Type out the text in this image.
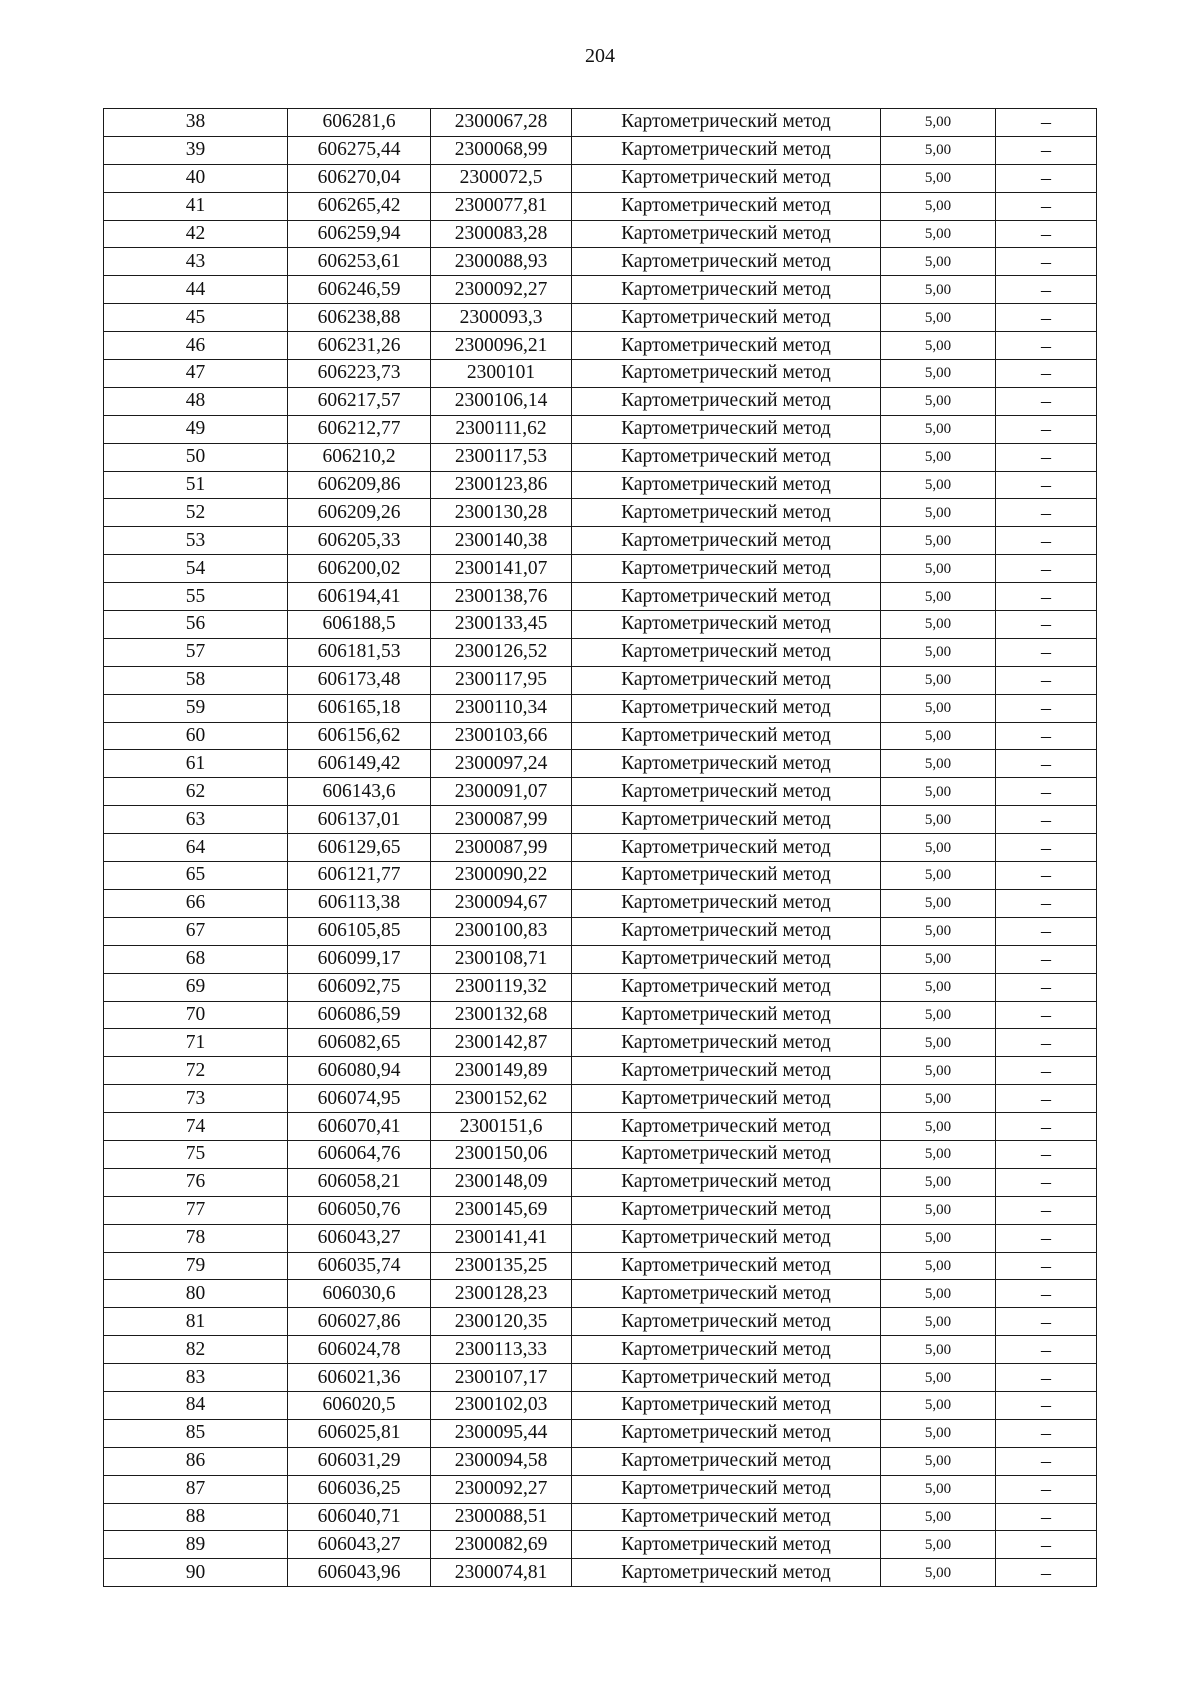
204
38	606281,6	2300067,28	Картометрический метод	5,00	–
39	606275,44	2300068,99	Картометрический метод	5,00	–
40	606270,04	2300072,5	Картометрический метод	5,00	–
41	606265,42	2300077,81	Картометрический метод	5,00	–
42	606259,94	2300083,28	Картометрический метод	5,00	–
43	606253,61	2300088,93	Картометрический метод	5,00	–
44	606246,59	2300092,27	Картометрический метод	5,00	–
45	606238,88	2300093,3	Картометрический метод	5,00	–
46	606231,26	2300096,21	Картометрический метод	5,00	–
47	606223,73	2300101	Картометрический метод	5,00	–
48	606217,57	2300106,14	Картометрический метод	5,00	–
49	606212,77	2300111,62	Картометрический метод	5,00	–
50	606210,2	2300117,53	Картометрический метод	5,00	–
51	606209,86	2300123,86	Картометрический метод	5,00	–
52	606209,26	2300130,28	Картометрический метод	5,00	–
53	606205,33	2300140,38	Картометрический метод	5,00	–
54	606200,02	2300141,07	Картометрический метод	5,00	–
55	606194,41	2300138,76	Картометрический метод	5,00	–
56	606188,5	2300133,45	Картометрический метод	5,00	–
57	606181,53	2300126,52	Картометрический метод	5,00	–
58	606173,48	2300117,95	Картометрический метод	5,00	–
59	606165,18	2300110,34	Картометрический метод	5,00	–
60	606156,62	2300103,66	Картометрический метод	5,00	–
61	606149,42	2300097,24	Картометрический метод	5,00	–
62	606143,6	2300091,07	Картометрический метод	5,00	–
63	606137,01	2300087,99	Картометрический метод	5,00	–
64	606129,65	2300087,99	Картометрический метод	5,00	–
65	606121,77	2300090,22	Картометрический метод	5,00	–
66	606113,38	2300094,67	Картометрический метод	5,00	–
67	606105,85	2300100,83	Картометрический метод	5,00	–
68	606099,17	2300108,71	Картометрический метод	5,00	–
69	606092,75	2300119,32	Картометрический метод	5,00	–
70	606086,59	2300132,68	Картометрический метод	5,00	–
71	606082,65	2300142,87	Картометрический метод	5,00	–
72	606080,94	2300149,89	Картометрический метод	5,00	–
73	606074,95	2300152,62	Картометрический метод	5,00	–
74	606070,41	2300151,6	Картометрический метод	5,00	–
75	606064,76	2300150,06	Картометрический метод	5,00	–
76	606058,21	2300148,09	Картометрический метод	5,00	–
77	606050,76	2300145,69	Картометрический метод	5,00	–
78	606043,27	2300141,41	Картометрический метод	5,00	–
79	606035,74	2300135,25	Картометрический метод	5,00	–
80	606030,6	2300128,23	Картометрический метод	5,00	–
81	606027,86	2300120,35	Картометрический метод	5,00	–
82	606024,78	2300113,33	Картометрический метод	5,00	–
83	606021,36	2300107,17	Картометрический метод	5,00	–
84	606020,5	2300102,03	Картометрический метод	5,00	–
85	606025,81	2300095,44	Картометрический метод	5,00	–
86	606031,29	2300094,58	Картометрический метод	5,00	–
87	606036,25	2300092,27	Картометрический метод	5,00	–
88	606040,71	2300088,51	Картометрический метод	5,00	–
89	606043,27	2300082,69	Картометрический метод	5,00	–
90	606043,96	2300074,81	Картометрический метод	5,00	–
